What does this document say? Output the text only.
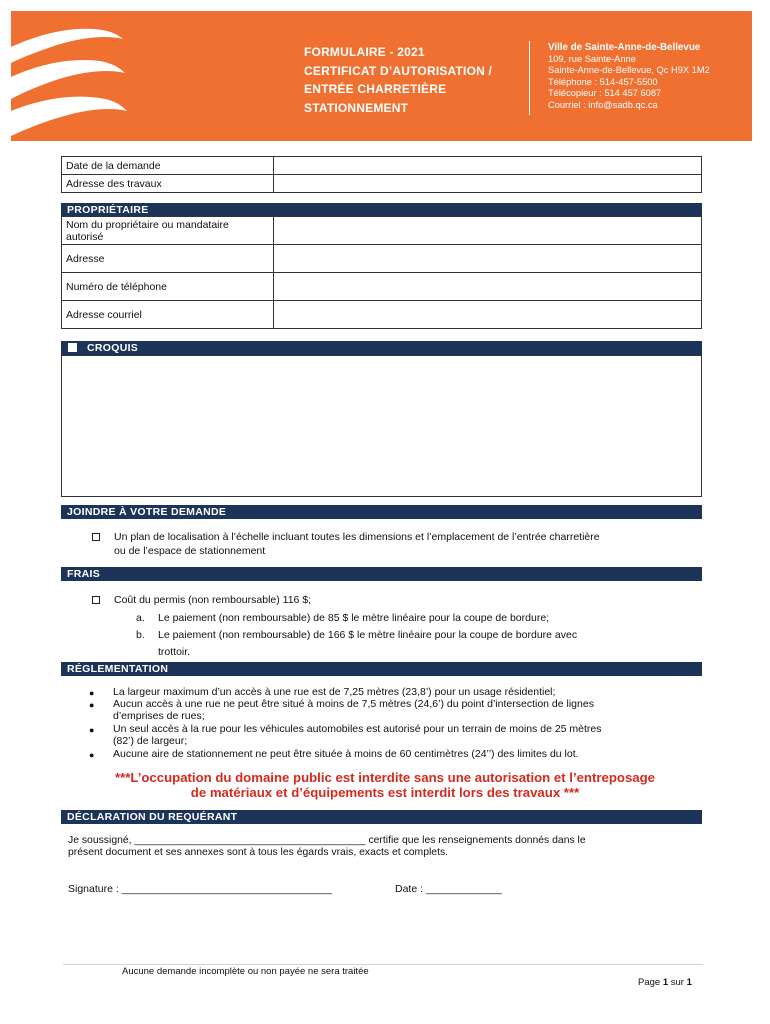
FORMULAIRE - 2021
CERTIFICAT D’AUTORISATION /
ENTRÉE CHARRETIÈRE
STATIONNEMENT
Ville de Sainte-Anne-de-Bellevue
109, rue Sainte-Anne
Sainte-Anne-de-Bellevue, Qc H9X 1M2
Téléphone : 514-457-5500
Télécopieur : 514 457 6087
Courriel : info@sadb.qc.ca
Date de la demande	
Adresse des travaux	
PROPRIÉTAIRE
Nom du propriétaire ou mandataire autorisé	
Adresse	
Numéro de téléphone	
Adresse courriel	
CROQUIS
JOINDRE À VOTRE DEMANDE
Un plan de localisation à l’échelle incluant toutes les dimensions et l’emplacement de l’entrée charretière
ou de l’espace de stationnement
FRAIS
Coût du permis (non remboursable) 116 $;
a. Le paiement (non remboursable) de 85 $ le mètre linéaire pour la coupe de bordure;
b. Le paiement (non remboursable) de 166 $ le mètre linéaire pour la coupe de bordure avec
trottoir.
RÉGLEMENTATION
● La largeur maximum d’un accès à une rue est de 7,25 mètres (23,8’) pour un usage résidentiel;
● Aucun accès à une rue ne peut être situé à moins de 7,5 mètres (24,6’) du point d’intersection de lignes
d’emprises de rues;
● Un seul accès à la rue pour les véhicules automobiles est autorisé pour un terrain de moins de 25 mètres
(82’) de largeur;
● Aucune aire de stationnement ne peut être située à moins de 60 centimètres (24’’) des limites du lot.
***L’occupation du domaine public est interdite sans une autorisation et l’entreposage
de matériaux et d’équipements est interdit lors des travaux ***
DÉCLARATION DU REQUÉRANT
Je soussigné, ________________________________________ certifie que les renseignements donnés dans le
présent document et ses annexes sont à tous les égards vrais, exacts et complets.
Signature : ____________________________________	Date : _____________
Aucune demande incomplète ou non payée ne sera traitée
Page 1 sur 1
